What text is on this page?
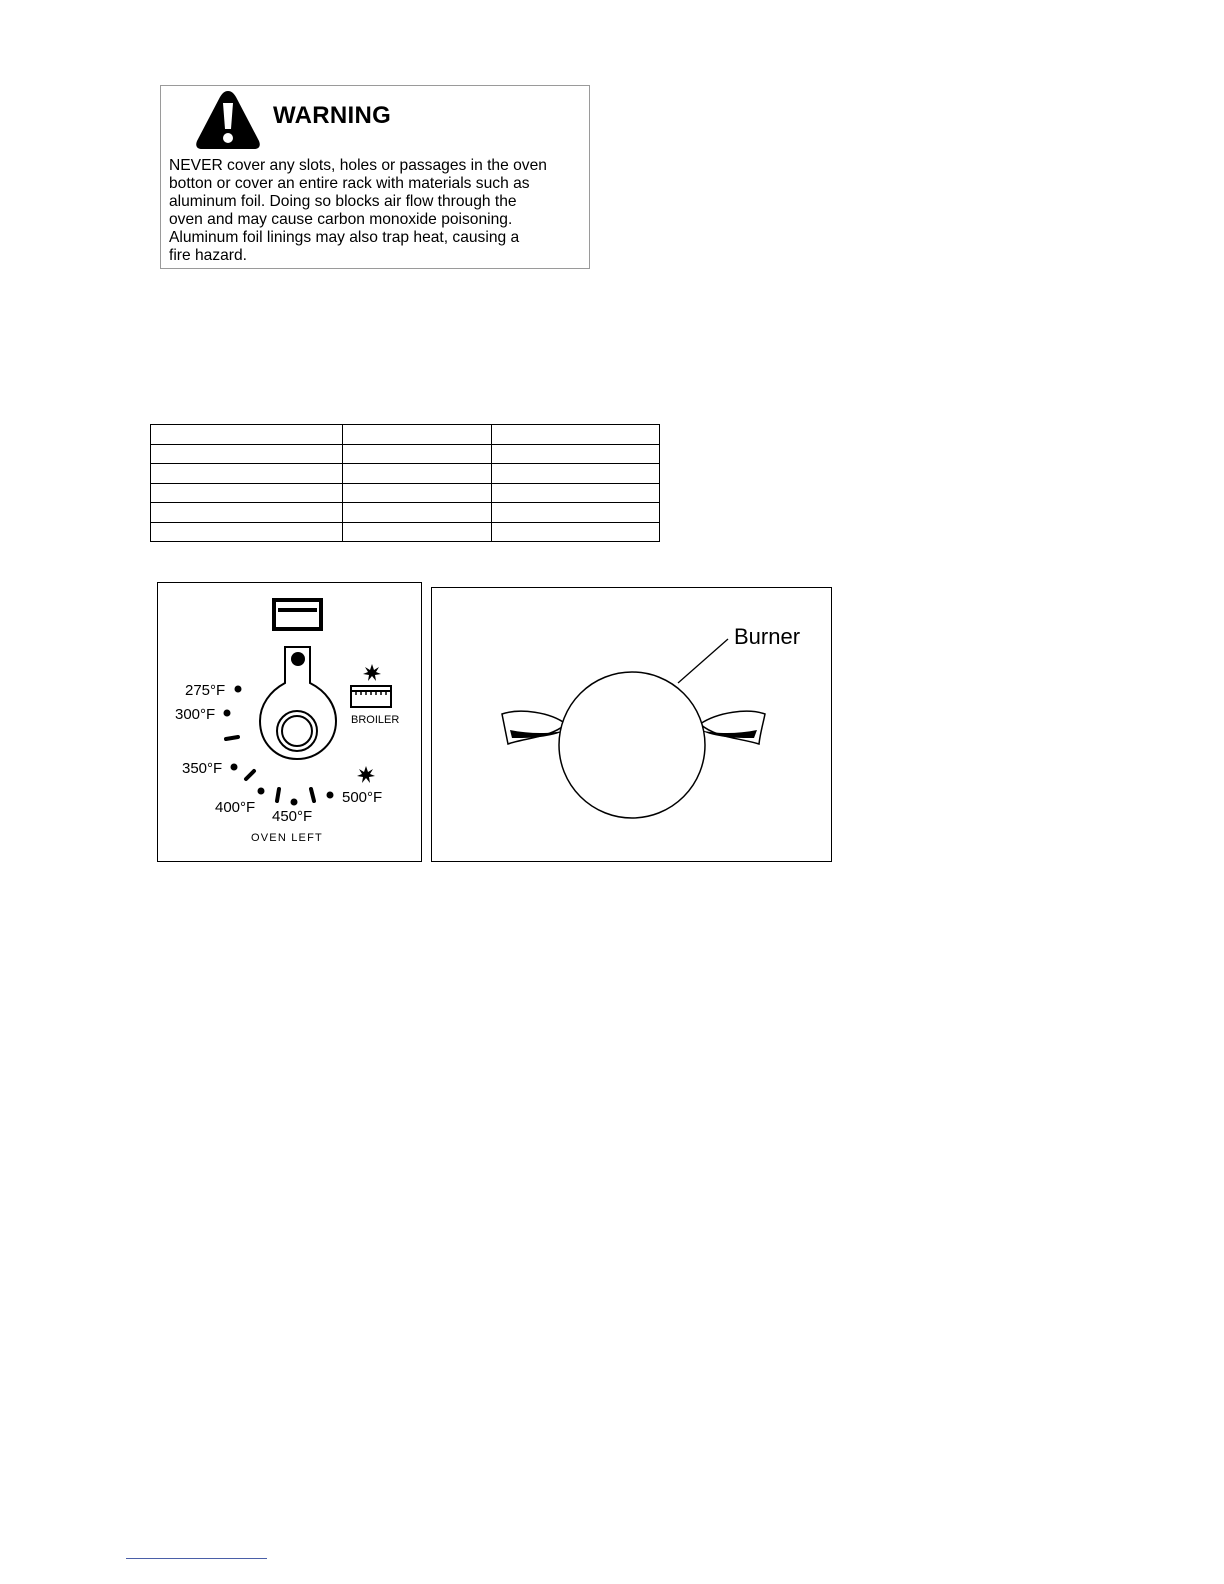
WARNING
NEVER cover any slots, holes or passages in the oven
botton or cover an entire rack with materials such as
aluminum foil. Doing so blocks air flow through the
oven and may cause carbon monoxide poisoning.
Aluminum foil linings may also trap heat, causing a
fire hazard.

275°F
300°F
350°F
400°F
450°F
500°F
BROILER
OVEN LEFT
Burner
